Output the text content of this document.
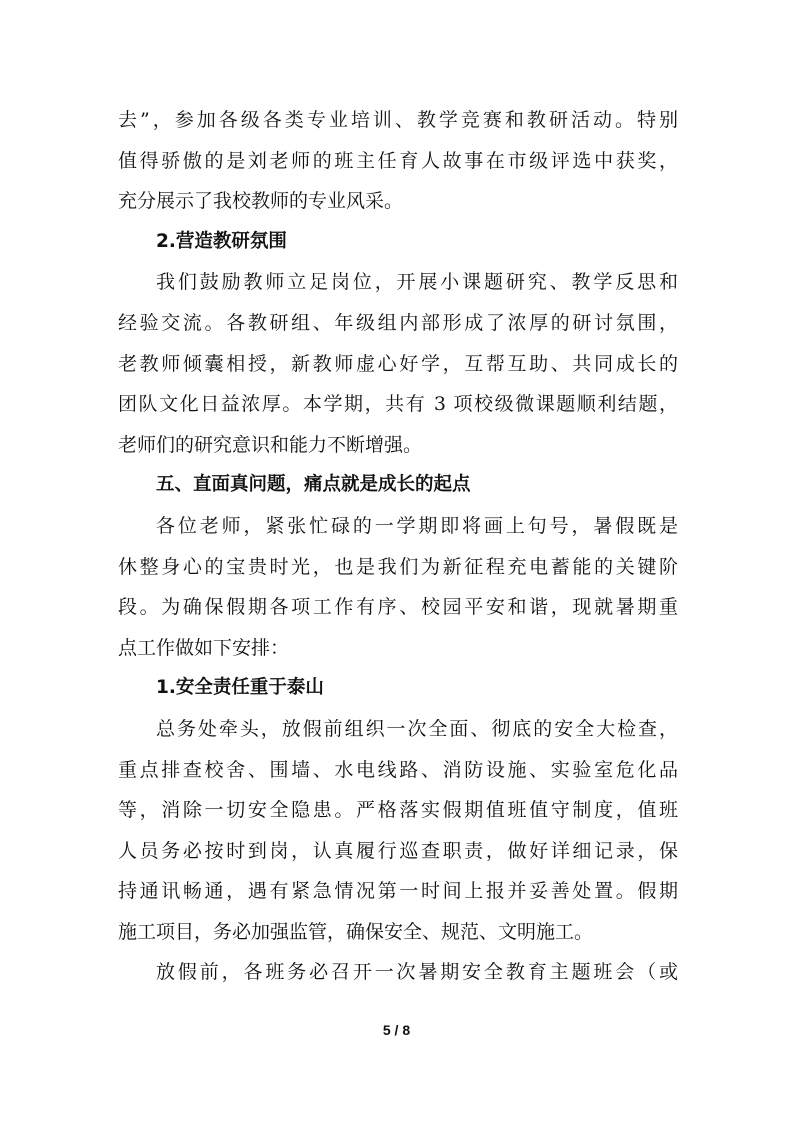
去”，参加各级各类专业培训、教学竞赛和教研活动。特别
值得骄傲的是刘老师的班主任育人故事在市级评选中获奖，
充分展示了我校教师的专业风采。
2.营造教研氛围
我们鼓励教师立足岗位，开展小课题研究、教学反思和
经验交流。各教研组、年级组内部形成了浓厚的研讨氛围，
老教师倾囊相授，新教师虚心好学，互帮互助、共同成长的
团队文化日益浓厚。本学期，共有 3 项校级微课题顺利结题，
老师们的研究意识和能力不断增强。
五、直面真问题，痛点就是成长的起点
各位老师，紧张忙碌的一学期即将画上句号，暑假既是
休整身心的宝贵时光，也是我们为新征程充电蓄能的关键阶
段。为确保假期各项工作有序、校园平安和谐，现就暑期重
点工作做如下安排：
1.安全责任重于泰山
总务处牵头，放假前组织一次全面、彻底的安全大检查，
重点排查校舍、围墙、水电线路、消防设施、实验室危化品
等，消除一切安全隐患。严格落实假期值班值守制度，值班
人员务必按时到岗，认真履行巡查职责，做好详细记录，保
持通讯畅通，遇有紧急情况第一时间上报并妥善处置。假期
施工项目，务必加强监管，确保安全、规范、文明施工。
放假前，各班务必召开一次暑期安全教育主题班会（或
5 / 8
